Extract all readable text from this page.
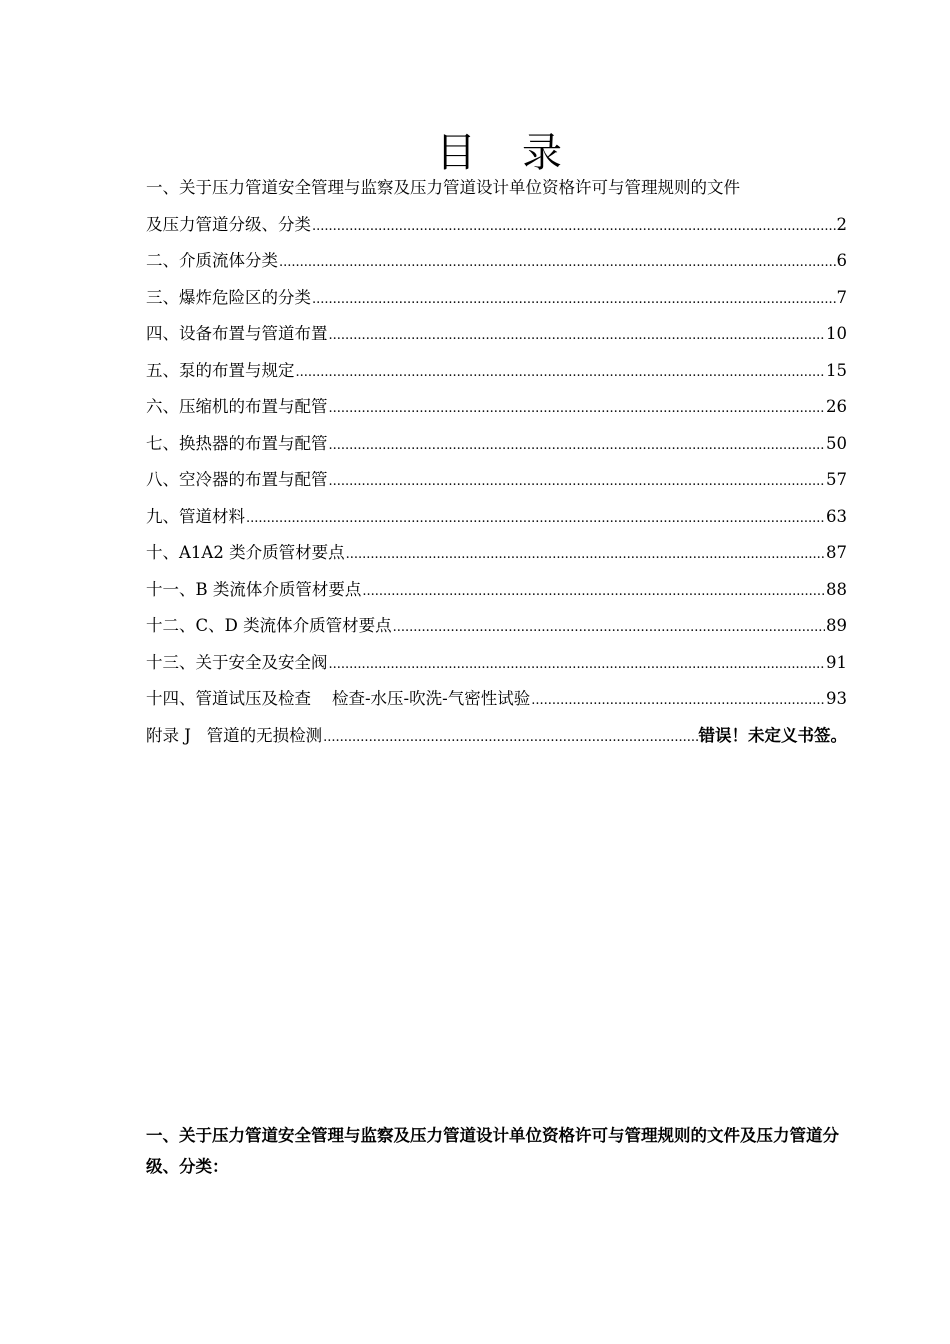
目 录
一、关于压力管道安全管理与监察及压力管道设计单位资格许可与管理规则的文件
及压力管道分级、分类 .....	2
二、介质流体分类 .....	6
三、爆炸危险区的分类 .....	7
四、设备布置与管道布置 .....	10
五、泵的布置与规定 .....	15
六、压缩机的布置与配管 .....	26
七、换热器的布置与配管 .....	50
八、空冷器的布置与配管 .....	57
九、管道材料 .....	63
十、A1A2 类介质管材要点 .....	87
十一、B 类流体介质管材要点 .....	88
十二、C、D 类流体介质管材要点 .....	89
十三、关于安全及安全阀 .....	91
十四、管道试压及检查    检查-水压-吹洗-气密性试验 .....	93
附录 J   管道的无损检测 .....	错误！未定义书签。
一、关于压力管道安全管理与监察及压力管道设计单位资格许可与管理规则的文件及压力管道分级、分类：
